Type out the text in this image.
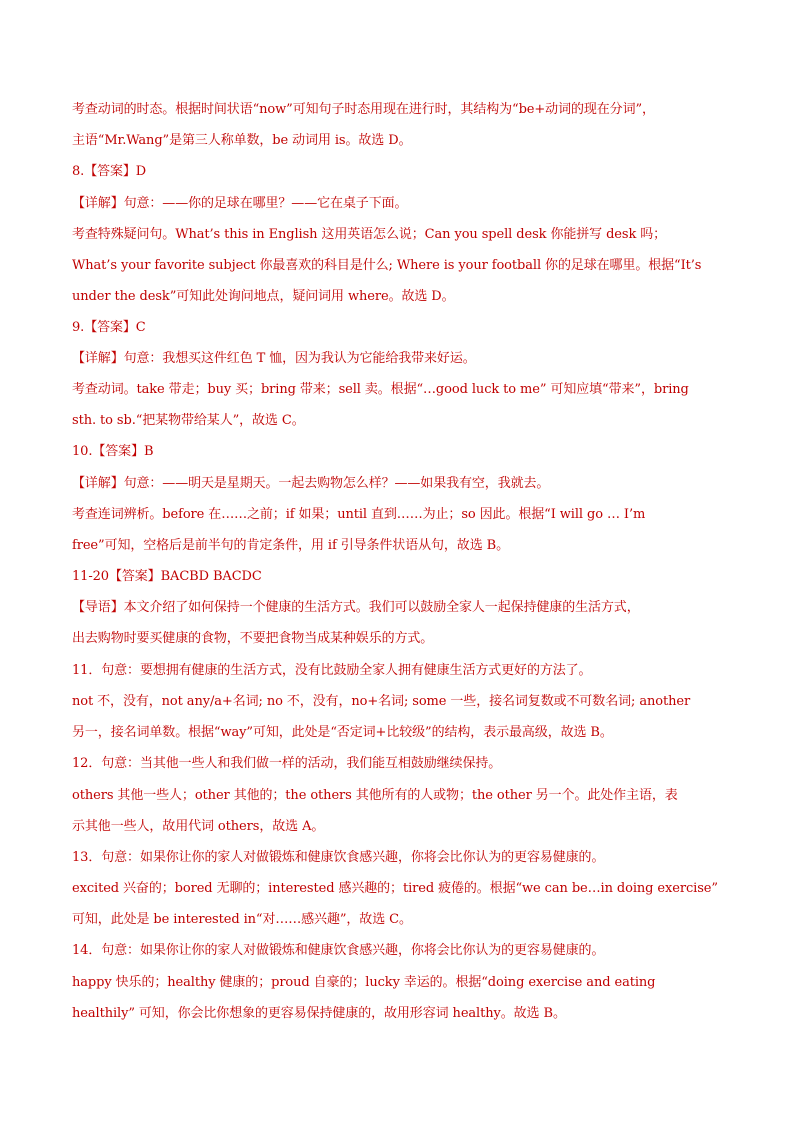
考查动词的时态。根据时间状语“now”可知句子时态用现在进行时，其结构为“be+动词的现在分词”，
主语“Mr.Wang”是第三人称单数，be 动词用 is。故选 D。
8.【答案】D
【详解】句意：——你的足球在哪里？——它在桌子下面。
考查特殊疑问句。What’s this in English 这用英语怎么说；Can you spell desk 你能拼写 desk 吗；
What’s your favorite subject 你最喜欢的科目是什么; Where is your football 你的足球在哪里。根据“It’s
under the desk”可知此处询问地点，疑问词用 where。故选 D。
9.【答案】C
【详解】句意：我想买这件红色 T 恤，因为我认为它能给我带来好运。
考查动词。take 带走；buy 买；bring 带来；sell 卖。根据“…good luck to me” 可知应填“带来”，bring
sth. to sb.“把某物带给某人”，故选 C。
10.【答案】B
【详解】句意：——明天是星期天。一起去购物怎么样？——如果我有空，我就去。
考查连词辨析。before 在……之前；if 如果；until 直到……为止；so 因此。根据“I will go … I’m
free”可知，空格后是前半句的肯定条件，用 if 引导条件状语从句，故选 B。
11-20【答案】BACBD BACDC
【导语】本文介绍了如何保持一个健康的生活方式。我们可以鼓励全家人一起保持健康的生活方式，
出去购物时要买健康的食物，不要把食物当成某种娱乐的方式。
11．句意：要想拥有健康的生活方式，没有比鼓励全家人拥有健康生活方式更好的方法了。
not 不，没有，not any/a+名词; no 不，没有，no+名词; some 一些，接名词复数或不可数名词; another
另一，接名词单数。根据“way”可知，此处是“否定词+比较级”的结构，表示最高级，故选 B。
12．句意：当其他一些人和我们做一样的活动，我们能互相鼓励继续保持。
others 其他一些人；other 其他的；the others 其他所有的人或物；the other 另一个。此处作主语，表
示其他一些人，故用代词 others，故选 A。
13．句意：如果你让你的家人对做锻炼和健康饮食感兴趣，你将会比你认为的更容易健康的。
excited 兴奋的；bored 无聊的；interested 感兴趣的；tired 疲倦的。根据“we can be…in doing exercise”
可知，此处是 be interested in“对……感兴趣”，故选 C。
14．句意：如果你让你的家人对做锻炼和健康饮食感兴趣，你将会比你认为的更容易健康的。
happy 快乐的；healthy 健康的；proud 自豪的；lucky 幸运的。根据“doing exercise and eating
healthily” 可知，你会比你想象的更容易保持健康的，故用形容词 healthy。故选 B。
